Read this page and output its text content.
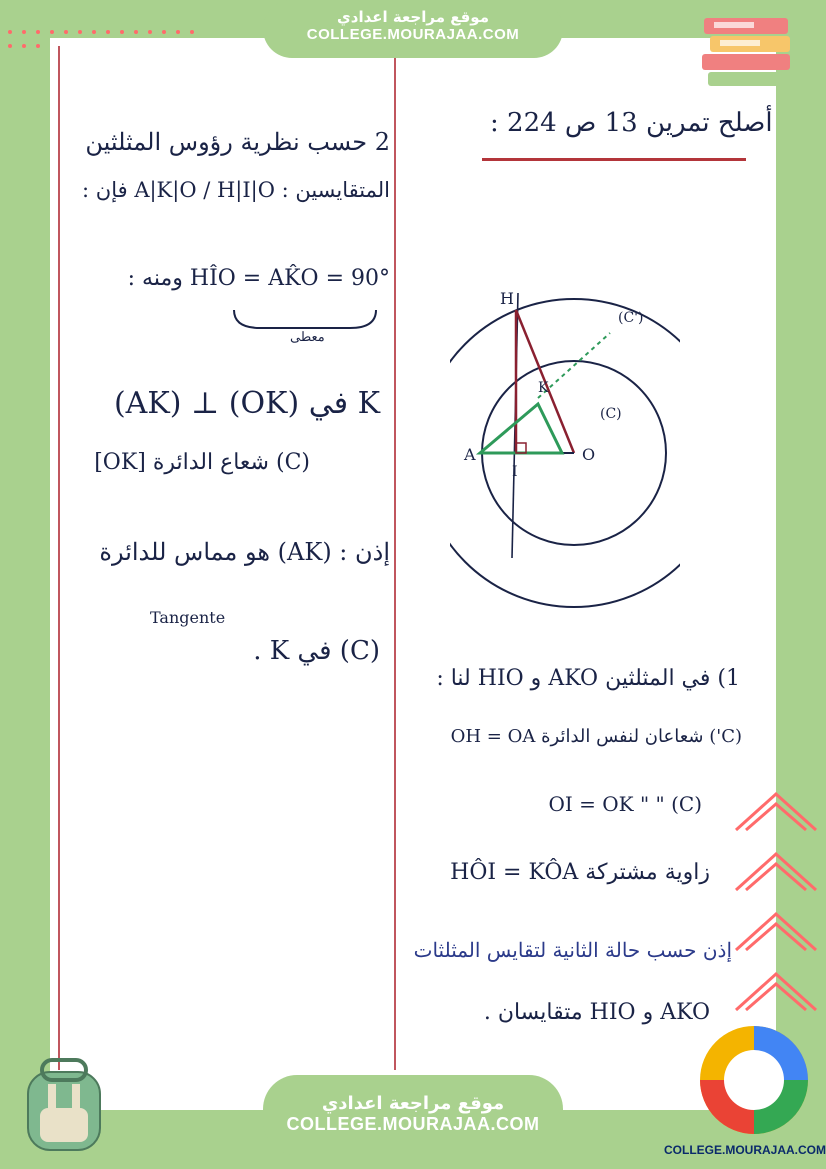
أصلح تمرين 13 ص 224 :
2 حسب نظرية رؤوس المثلثين
المتقايسين : A|K|O / H|I|O فإن :
HÎO = AK̂O = 90° ومنه :
معطى
K في (OK) ⊥ (AK)
(C) شعاع الدائرة [OK]
إذن : (AK) هو مماس للدائرة
Tangente
(C) في K .
H
K
A
I
O
(C')
(C)
1) في المثلثين AKO و HIO لنا :
(C') شعاعان لنفس الدائرة OH = OA
(C) " " OI = OK
زاوية مشتركة HÔI = KÔA
إذن حسب حالة الثانية لتقايس المثلثات
AKO و HIO متقايسان .
موقع مراجعة اعدادي
COLLEGE.MOURAJAA.COM
موقع مراجعة اعدادي
COLLEGE.MOURAJAA.COM
COLLEGE.MOURAJAA.COM
